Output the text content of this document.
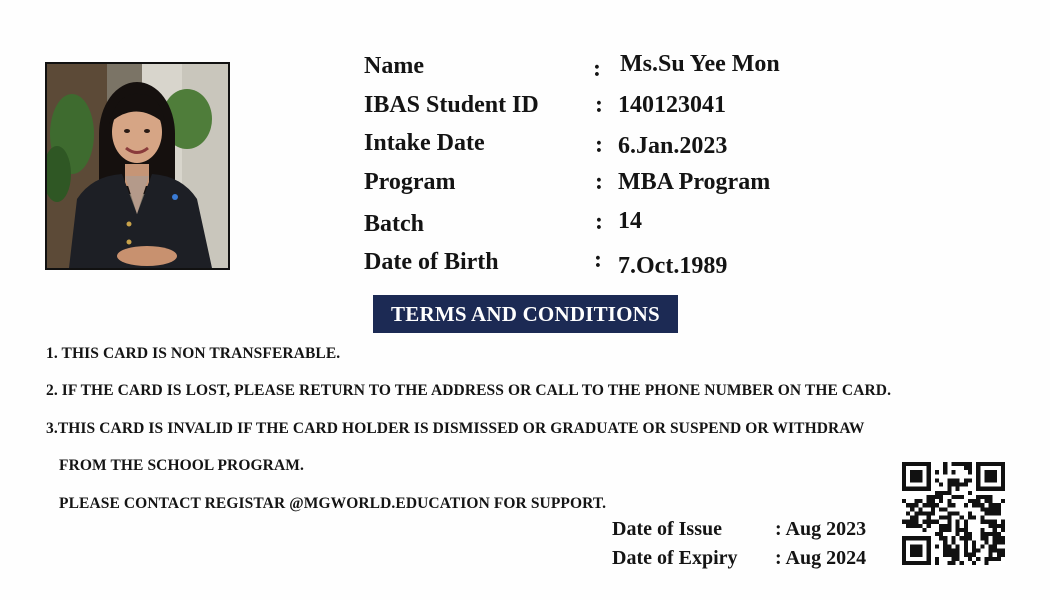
Name	: Ms.Su Yee Mon
IBAS Student ID : 140123041
Intake Date	: 6.Jan.2023
Program	: MBA Program
Batch	: 14
Date of Birth	: 7.Oct.1989
TERMS AND CONDITIONS
1. THIS CARD IS NON TRANSFERABLE.
2. IF THE CARD IS LOST, PLEASE RETURN TO THE ADDRESS OR CALL TO THE PHONE NUMBER ON THE CARD.
3.THIS CARD IS INVALID IF THE CARD HOLDER IS DISMISSED OR GRADUATE OR SUSPEND OR WITHDRAW
FROM THE SCHOOL PROGRAM.
PLEASE CONTACT REGISTAR @MGWORLD.EDUCATION FOR SUPPORT.
Date of Issue	: Aug 2023
Date of Expiry : Aug 2024
